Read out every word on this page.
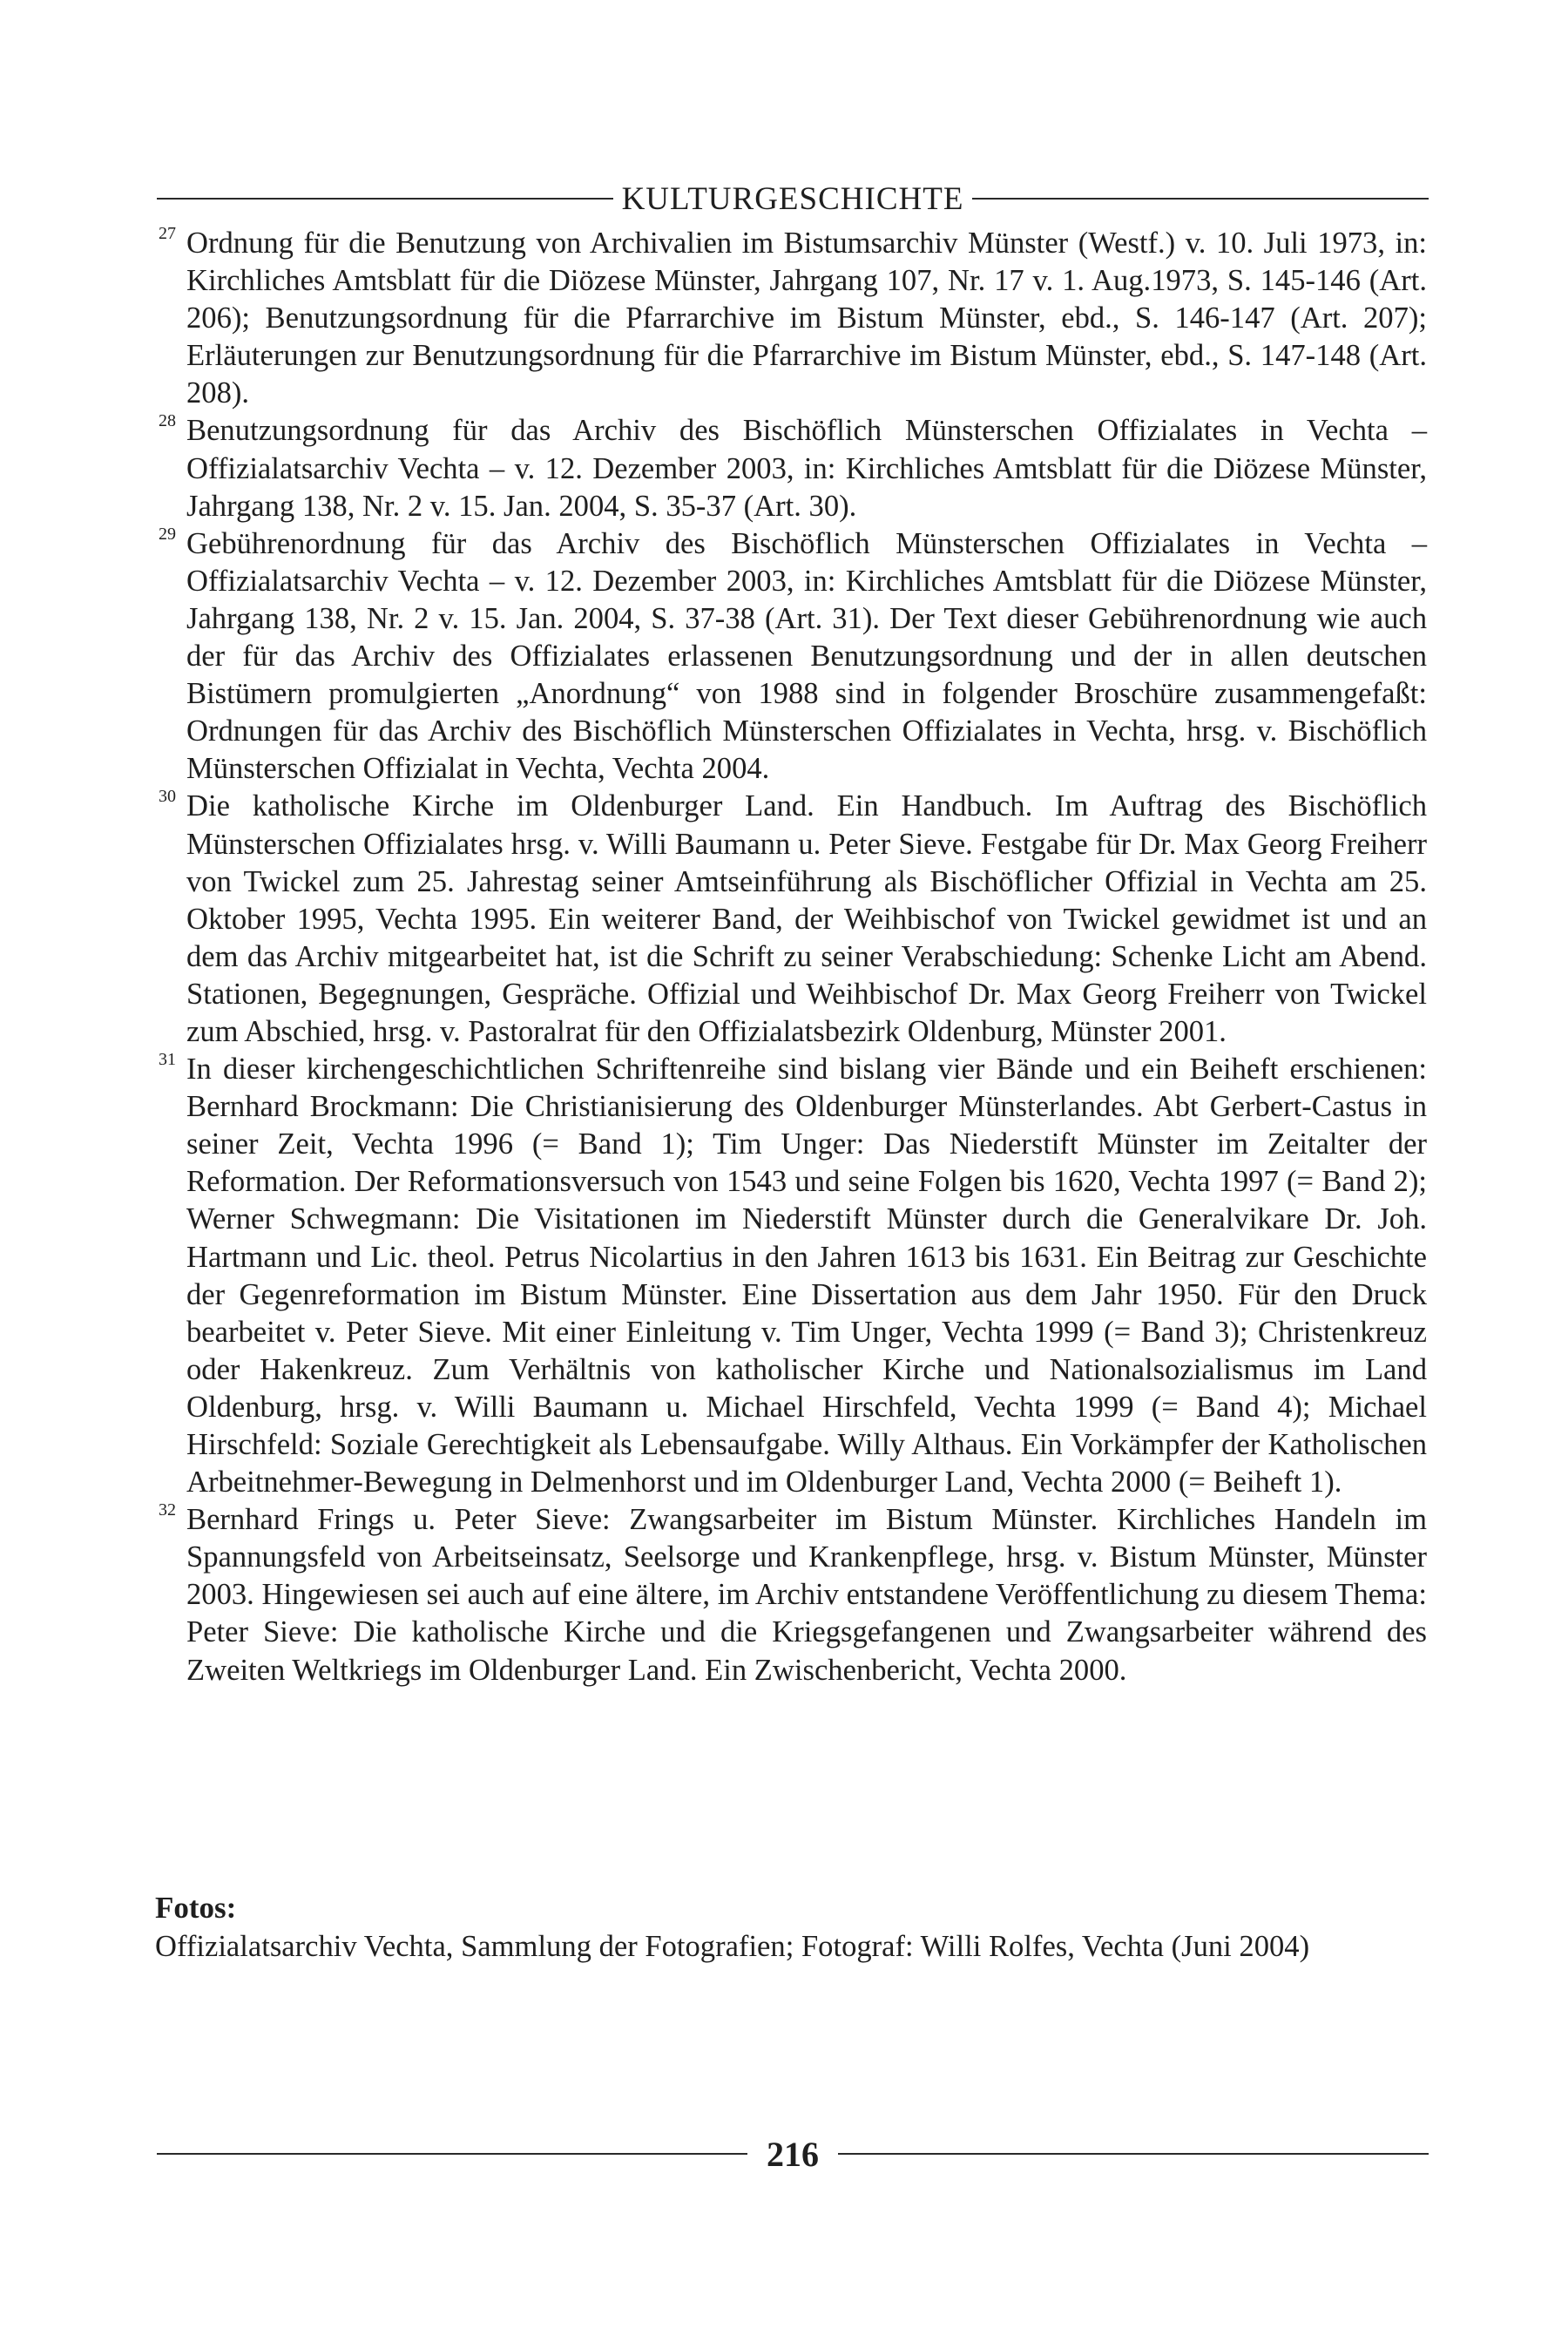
KULTURGESCHICHTE
27 Ordnung für die Benutzung von Archivalien im Bistumsarchiv Münster (Westf.) v. 10. Juli 1973, in: Kirchliches Amtsblatt für die Diözese Münster, Jahrgang 107, Nr. 17 v. 1. Aug.1973, S. 145-146 (Art. 206); Benutzungsordnung für die Pfarrarchive im Bistum Münster, ebd., S. 146-147 (Art. 207); Erläuterungen zur Benutzungsordnung für die Pfarrarchive im Bistum Münster, ebd., S. 147-148 (Art. 208).
28 Benutzungsordnung für das Archiv des Bischöflich Münsterschen Offizialates in Vechta – Offizialatsarchiv Vechta – v. 12. Dezember 2003, in: Kirchliches Amtsblatt für die Diözese Münster, Jahrgang 138, Nr. 2 v. 15. Jan. 2004, S. 35-37 (Art. 30).
29 Gebührenordnung für das Archiv des Bischöflich Münsterschen Offizialates in Vechta – Offizialatsarchiv Vechta – v. 12. Dezember 2003, in: Kirchliches Amtsblatt für die Diözese Münster, Jahrgang 138, Nr. 2 v. 15. Jan. 2004, S. 37-38 (Art. 31). Der Text dieser Gebührenordnung wie auch der für das Archiv des Offizialates erlassenen Benutzungsordnung und der in allen deutschen Bistümern promulgierten „Anordnung“ von 1988 sind in folgender Broschüre zusammengefaßt: Ordnungen für das Archiv des Bischöflich Münsterschen Offizialates in Vechta, hrsg. v. Bischöflich Münsterschen Offizialat in Vechta, Vechta 2004.
30 Die katholische Kirche im Oldenburger Land. Ein Handbuch. Im Auftrag des Bischöflich Münsterschen Offizialates hrsg. v. Willi Baumann u. Peter Sieve. Festgabe für Dr. Max Georg Freiherr von Twickel zum 25. Jahrestag seiner Amtseinführung als Bischöflicher Offizial in Vechta am 25. Oktober 1995, Vechta 1995. Ein weiterer Band, der Weihbischof von Twickel gewidmet ist und an dem das Archiv mitgearbeitet hat, ist die Schrift zu seiner Verabschiedung: Schenke Licht am Abend. Stationen, Begegnungen, Gespräche. Offizial und Weihbischof Dr. Max Georg Freiherr von Twickel zum Abschied, hrsg. v. Pastoralrat für den Offizialatsbezirk Oldenburg, Münster 2001.
31 In dieser kirchengeschichtlichen Schriftenreihe sind bislang vier Bände und ein Beiheft erschienen: Bernhard Brockmann: Die Christianisierung des Oldenburger Münsterlandes. Abt Gerbert-Castus in seiner Zeit, Vechta 1996 (= Band 1); Tim Unger: Das Niederstift Münster im Zeitalter der Reformation. Der Reformationsversuch von 1543 und seine Folgen bis 1620, Vechta 1997 (= Band 2); Werner Schwegmann: Die Visitationen im Niederstift Münster durch die Generalvikare Dr. Joh. Hartmann und Lic. theol. Petrus Nicolartius in den Jahren 1613 bis 1631. Ein Beitrag zur Geschichte der Gegenreformation im Bistum Münster. Eine Dissertation aus dem Jahr 1950. Für den Druck bearbeitet v. Peter Sieve. Mit einer Einleitung v. Tim Unger, Vechta 1999 (= Band 3); Christenkreuz oder Hakenkreuz. Zum Verhältnis von katholischer Kirche und Nationalsozialismus im Land Oldenburg, hrsg. v. Willi Baumann u. Michael Hirschfeld, Vechta 1999 (= Band 4); Michael Hirschfeld: Soziale Gerechtigkeit als Lebensaufgabe. Willy Althaus. Ein Vorkämpfer der Katholischen Arbeitnehmer-Bewegung in Delmenhorst und im Oldenburger Land, Vechta 2000 (= Beiheft 1).
32 Bernhard Frings u. Peter Sieve: Zwangsarbeiter im Bistum Münster. Kirchliches Handeln im Spannungsfeld von Arbeitseinsatz, Seelsorge und Krankenpflege, hrsg. v. Bistum Münster, Münster 2003. Hingewiesen sei auch auf eine ältere, im Archiv entstandene Veröffentlichung zu diesem Thema: Peter Sieve: Die katholische Kirche und die Kriegsgefangenen und Zwangsarbeiter während des Zweiten Weltkriegs im Oldenburger Land. Ein Zwischenbericht, Vechta 2000.
Fotos:
Offizialatsarchiv Vechta, Sammlung der Fotografien; Fotograf: Willi Rolfes, Vechta (Juni 2004)
216
